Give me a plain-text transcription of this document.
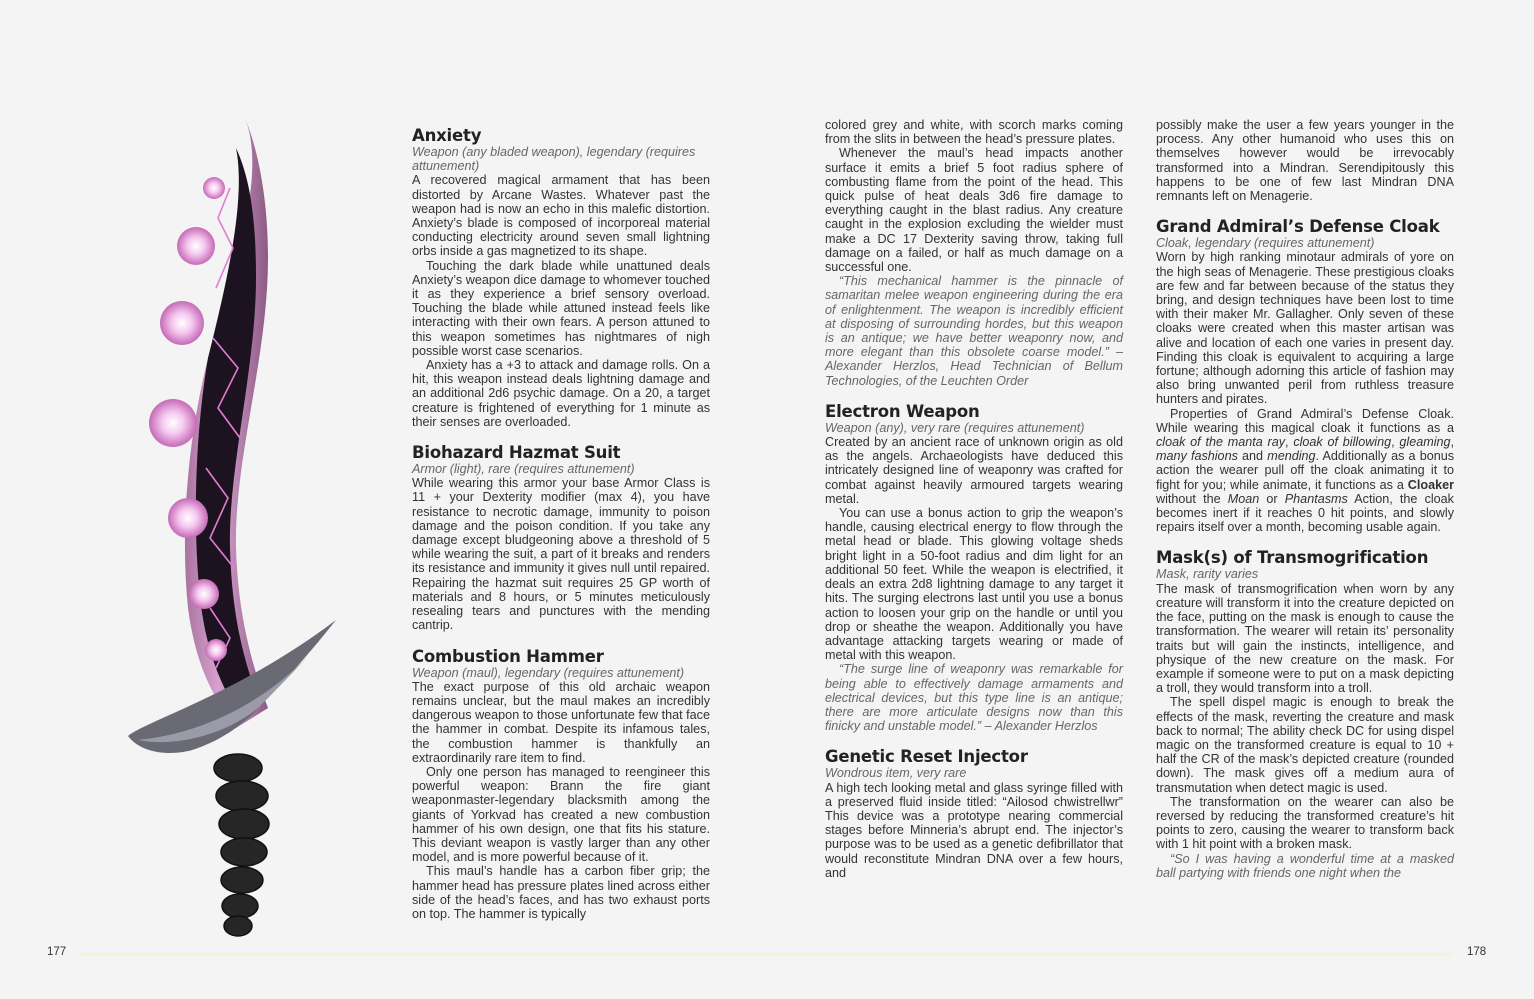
Anxiety

Weapon (any bladed weapon), legendary (requires attunement)

A recovered magical armament that has been distorted by Arcane Wastes. Whatever past the weapon had is now an echo in this malefic distortion. Anxiety’s blade is composed of incorporeal material conducting electricity around seven small lightning orbs inside a gas magnetized to its shape.

Touching the dark blade while unattuned deals Anxiety’s weapon dice damage to whomever touched it as they experience a brief sensory overload. Touching the blade while attuned instead feels like interacting with their own fears. A person attuned to this weapon sometimes has nightmares of nigh possible worst case scenarios.

Anxiety has a +3 to attack and damage rolls. On a hit, this weapon instead deals lightning damage and an additional 2d6 psychic damage. On a 20, a target creature is frightened of everything for 1 minute as their senses are overloaded.

Biohazard Hazmat Suit

Armor (light), rare (requires attunement)

While wearing this armor your base Armor Class is 11 + your Dexterity modifier (max 4), you have resistance to necrotic damage, immunity to poison damage and the poison condition. If you take any damage except bludgeoning above a threshold of 5 while wearing the suit, a part of it breaks and renders its resistance and immunity it gives null until repaired. Repairing the hazmat suit requires 25 GP worth of materials and 8 hours, or 5 minutes meticulously resealing tears and punctures with the mending cantrip.

Combustion Hammer

Weapon (maul), legendary (requires attunement)

The exact purpose of this old archaic weapon remains unclear, but the maul makes an incredibly dangerous weapon to those unfortunate few that face the hammer in combat. Despite its infamous tales, the combustion hammer is thankfully an extraordinarily rare item to find.

Only one person has managed to reengineer this powerful weapon: Brann the fire giant weaponmaster-legendary blacksmith among the giants of Yorkvad has created a new combustion hammer of his own design, one that fits his stature. This deviant weapon is vastly larger than any other model, and is more powerful because of it.

This maul’s handle has a carbon fiber grip; the hammer head has pressure plates lined across either side of the head’s faces, and has two exhaust ports on top. The hammer is typically

colored grey and white, with scorch marks coming from the slits in between the head’s pressure plates.

Whenever the maul’s head impacts another surface it emits a brief 5 foot radius sphere of combusting flame from the point of the head. This quick pulse of heat deals 3d6 fire damage to everything caught in the blast radius. Any creature caught in the explosion excluding the wielder must make a DC 17 Dexterity saving throw, taking full damage on a failed, or half as much damage on a successful one.

“This mechanical hammer is the pinnacle of samaritan melee weapon engineering during the era of enlightenment. The weapon is incredibly efficient at disposing of surrounding hordes, but this weapon is an antique; we have better weaponry now, and more elegant than this obsolete coarse model.” – Alexander Herzlos, Head Technician of Bellum Technologies, of the Leuchten Order

Electron Weapon

Weapon (any), very rare (requires attunement)

Created by an ancient race of unknown origin as old as the angels. Archaeologists have deduced this intricately designed line of weaponry was crafted for combat against heavily armoured targets wearing metal.

You can use a bonus action to grip the weapon’s handle, causing electrical energy to flow through the metal head or blade. This glowing voltage sheds bright light in a 50-foot radius and dim light for an additional 50 feet. While the weapon is electrified, it deals an extra 2d8 lightning damage to any target it hits. The surging electrons last until you use a bonus action to loosen your grip on the handle or until you drop or sheathe the weapon. Additionally you have advantage attacking targets wearing or made of metal with this weapon.

“The surge line of weaponry was remarkable for being able to effectively damage armaments and electrical devices, but this type line is an antique; there are more articulate designs now than this finicky and unstable model.” – Alexander Herzlos

Genetic Reset Injector

Wondrous item, very rare

A high tech looking metal and glass syringe filled with a preserved fluid inside titled: “Ailosod chwistrellwr” This device was a prototype nearing commercial stages before Minneria’s abrupt end. The injector’s purpose was to be used as a genetic defibrillator that would reconstitute Mindran DNA over a few hours, and

possibly make the user a few years younger in the process. Any other humanoid who uses this on themselves however would be irrevocably transformed into a Mindran. Serendipitously this happens to be one of few last Mindran DNA remnants left on Menagerie.

Grand Admiral’s Defense Cloak

Cloak, legendary (requires attunement)

Worn by high ranking minotaur admirals of yore on the high seas of Menagerie. These prestigious cloaks are few and far between because of the status they bring, and design techniques have been lost to time with their maker Mr. Gallagher. Only seven of these cloaks were created when this master artisan was alive and location of each one varies in present day. Finding this cloak is equivalent to acquiring a large fortune; although adorning this article of fashion may also bring unwanted peril from ruthless treasure hunters and pirates.

Properties of Grand Admiral’s Defense Cloak. While wearing this magical cloak it functions as a cloak of the manta ray, cloak of billowing, gleaming, many fashions and mending. Additionally as a bonus action the wearer pull off the cloak animating it to fight for you; while animate, it functions as a Cloaker without the Moan or Phantasms Action, the cloak becomes inert if it reaches 0 hit points, and slowly repairs itself over a month, becoming usable again.

Mask(s) of Transmogrification

Mask, rarity varies

The mask of transmogrification when worn by any creature will transform it into the creature depicted on the face, putting on the mask is enough to cause the transformation. The wearer will retain its’ personality traits but will gain the instincts, intelligence, and physique of the new creature on the mask. For example if someone were to put on a mask depicting a troll, they would transform into a troll.

The spell dispel magic is enough to break the effects of the mask, reverting the creature and mask back to normal; The ability check DC for using dispel magic on the transformed creature is equal to 10 + half the CR of the mask’s depicted creature (rounded down). The mask gives off a medium aura of transmutation when detect magic is used.

The transformation on the wearer can also be reversed by reducing the transformed creature’s hit points to zero, causing the wearer to transform back with 1 hit point with a broken mask.

“So I was having a wonderful time at a masked ball partying with friends one night when the

177	178
